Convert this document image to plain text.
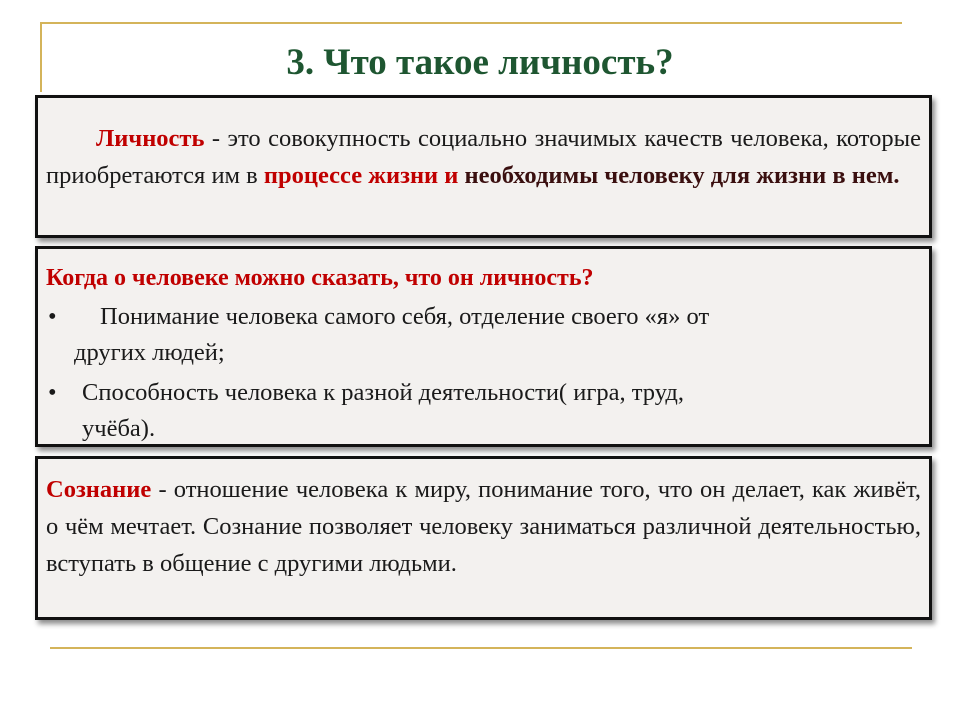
3. Что такое личность?

Личность - это совокупность социально значимых качеств человека, которые приобретаются им в процессе жизни и необходимы человеку для жизни в нем.

Когда о человеке можно сказать, что он личность?

•	Понимание человека самого себя, отделение своего «я» от
других людей;
• Способность человека к разной деятельности( игра, труд,
учёба).

Сознание - отношение человека к миру, понимание того, что он делает, как живёт, о чём мечтает. Сознание позволяет человеку заниматься различной деятельностью, вступать в общение с другими людьми.
